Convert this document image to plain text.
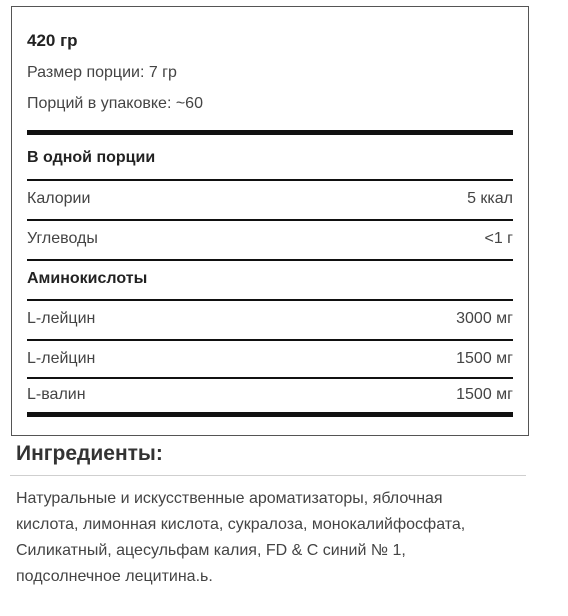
420 гр
Размер порции: 7 гр
Порций в упаковке: ~60
В одной порции
Калории	5 ккал
Углеводы	<1 г
Аминокислоты
L-лейцин	3000 мг
L-лейцин	1500 мг
L-валин	1500 мг
Ингредиенты:
Натуральные и искусственные ароматизаторы, яблочная
кислота, лимонная кислота, сукралоза, монокалийфосфата,
Силикатный, ацесульфам калия, FD & C синий № 1,
подсолнечное лецитина.ь.
